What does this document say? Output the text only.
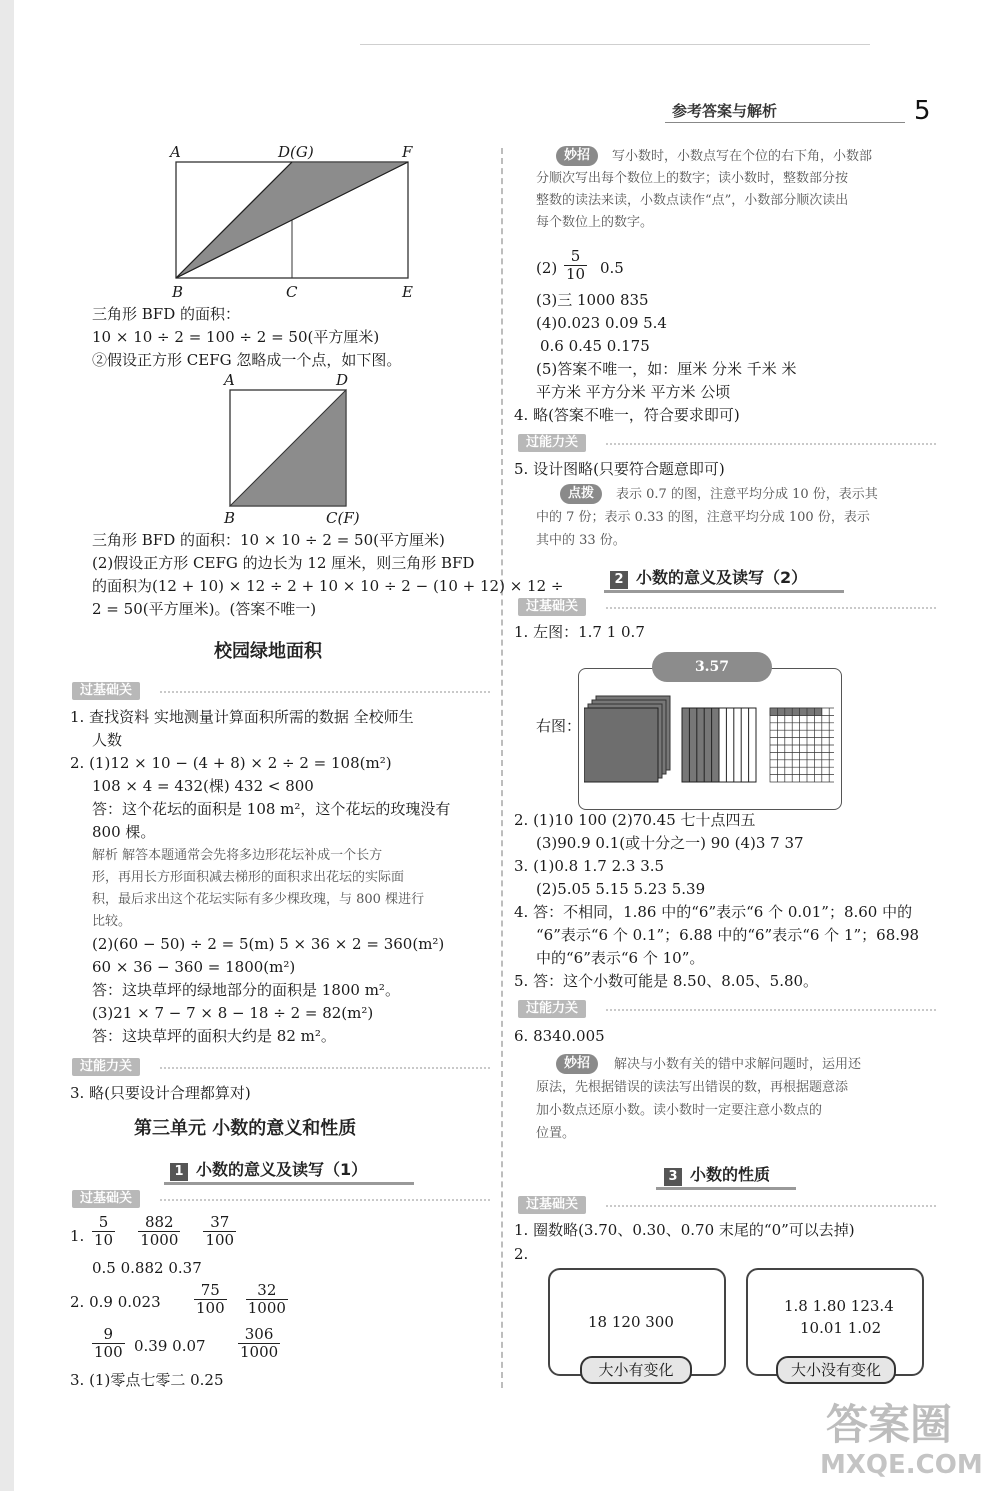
参考答案与解析	5
A	D(G)	F
B	C	E
三角形 BFD 的面积：
10 × 10 ÷ 2 = 100 ÷ 2 = 50(平方厘米)
②假设正方形 CEFG 忽略成一个点，如下图。
A	D
B	C(F)
三角形 BFD 的面积：10 × 10 ÷ 2 = 50(平方厘米)
(2)假设正方形 CEFG 的边长为 12 厘米，则三角形 BFD
的面积为(12 + 10) × 12 ÷ 2 + 10 × 10 ÷ 2 − (10 + 12) × 12 ÷
2 = 50(平方厘米)。(答案不唯一)
校园绿地面积
过基础关
1. 查找资料 实地测量计算面积所需的数据 全校师生
人数
2. (1)12 × 10 − (4 + 8) × 2 ÷ 2 = 108(m²)
108 × 4 = 432(棵) 432 < 800
答：这个花坛的面积是 108 m²，这个花坛的玫瑰没有
800 棵。
解析 解答本题通常会先将多边形花坛补成一个长方
形，再用长方形面积减去梯形的面积求出花坛的实际面
积，最后求出这个花坛实际有多少棵玫瑰，与 800 棵进行
比较。
(2)(60 − 50) ÷ 2 = 5(m) 5 × 36 × 2 = 360(m²)
60 × 36 − 360 = 1800(m²)
答：这块草坪的绿地部分的面积是 1800 m²。
(3)21 × 7 − 7 × 8 − 18 ÷ 2 = 82(m²)
答：这块草坪的面积大约是 82 m²。
过能力关
3. 略(只要设计合理都算对)
第三单元 小数的意义和性质
1 小数的意义及读写（1）
过基础关
1. $\frac{5}{10}$
$\frac{882}{1000}$
$\frac{37}{100}$
0.5 0.882 0.37
2. 0.9 $0.023 \frac{75}{100}$
$\frac{32}{1000}$
$\frac{9}{100} 0.39$ $0.07 \frac{306}{1000}$
3. (1)零点七零二 0.25
妙招	写小数时，小数点写在个位的右下角，小数部
分顺次写出每个数位上的数字；读小数时，整数部分按
整数的读法来读，小数点读作“点”，小数部分顺次读出
每个数位上的数字。
$(2) \frac{5}{10} 0.5$
(3)三 1000 835
(4)0.023 0.09 5.4
0.6 0.45 0.175
(5)答案不唯一，如：厘米 分米 千米 米
平方米 平方分米 平方米 公顷
4. 略(答案不唯一，符合要求即可)
过能力关
5. 设计图略(只要符合题意即可)
点拨	表示 0.7 的图，注意平均分成 10 份，表示其
中的 7 份；表示 0.33 的图，注意平均分成 100 份，表示
其中的 33 份。
2 小数的意义及读写（2）
过基础关
1. 左图：1.7 1 0.7
3.57
右图：
2. (1)10 100 (2)70.45 七十点四五
(3)90.9 0.1(或十分之一) 90 (4)3 7 37
3. (1)0.8 1.7 2.3 3.5
(2)5.05 5.15 5.23 5.39
4. 答：不相同，1.86 中的“6”表示“6 个 0.01”；8.60 中的
“6”表示“6 个 0.1”；6.88 中的“6”表示“6 个 1”；68.98
中的“6”表示“6 个 10”。
5. 答：这个小数可能是 8.50、8.05、5.80。
过能力关
6. 8340.005
妙招	解决与小数有关的错中求解问题时，运用还
原法，先根据错误的读法写出错误的数，再根据题意添
加小数点还原小数。读小数时一定要注意小数点的
位置。
3 小数的性质
过基础关
1. 圈数略(3.70、0.30、0.70 末尾的“0”可以去掉)
2.
18 120 300
大小有变化
1.8 1.80 123.4
10.01 1.02
大小没有变化
答案圈
MXQE.COM
